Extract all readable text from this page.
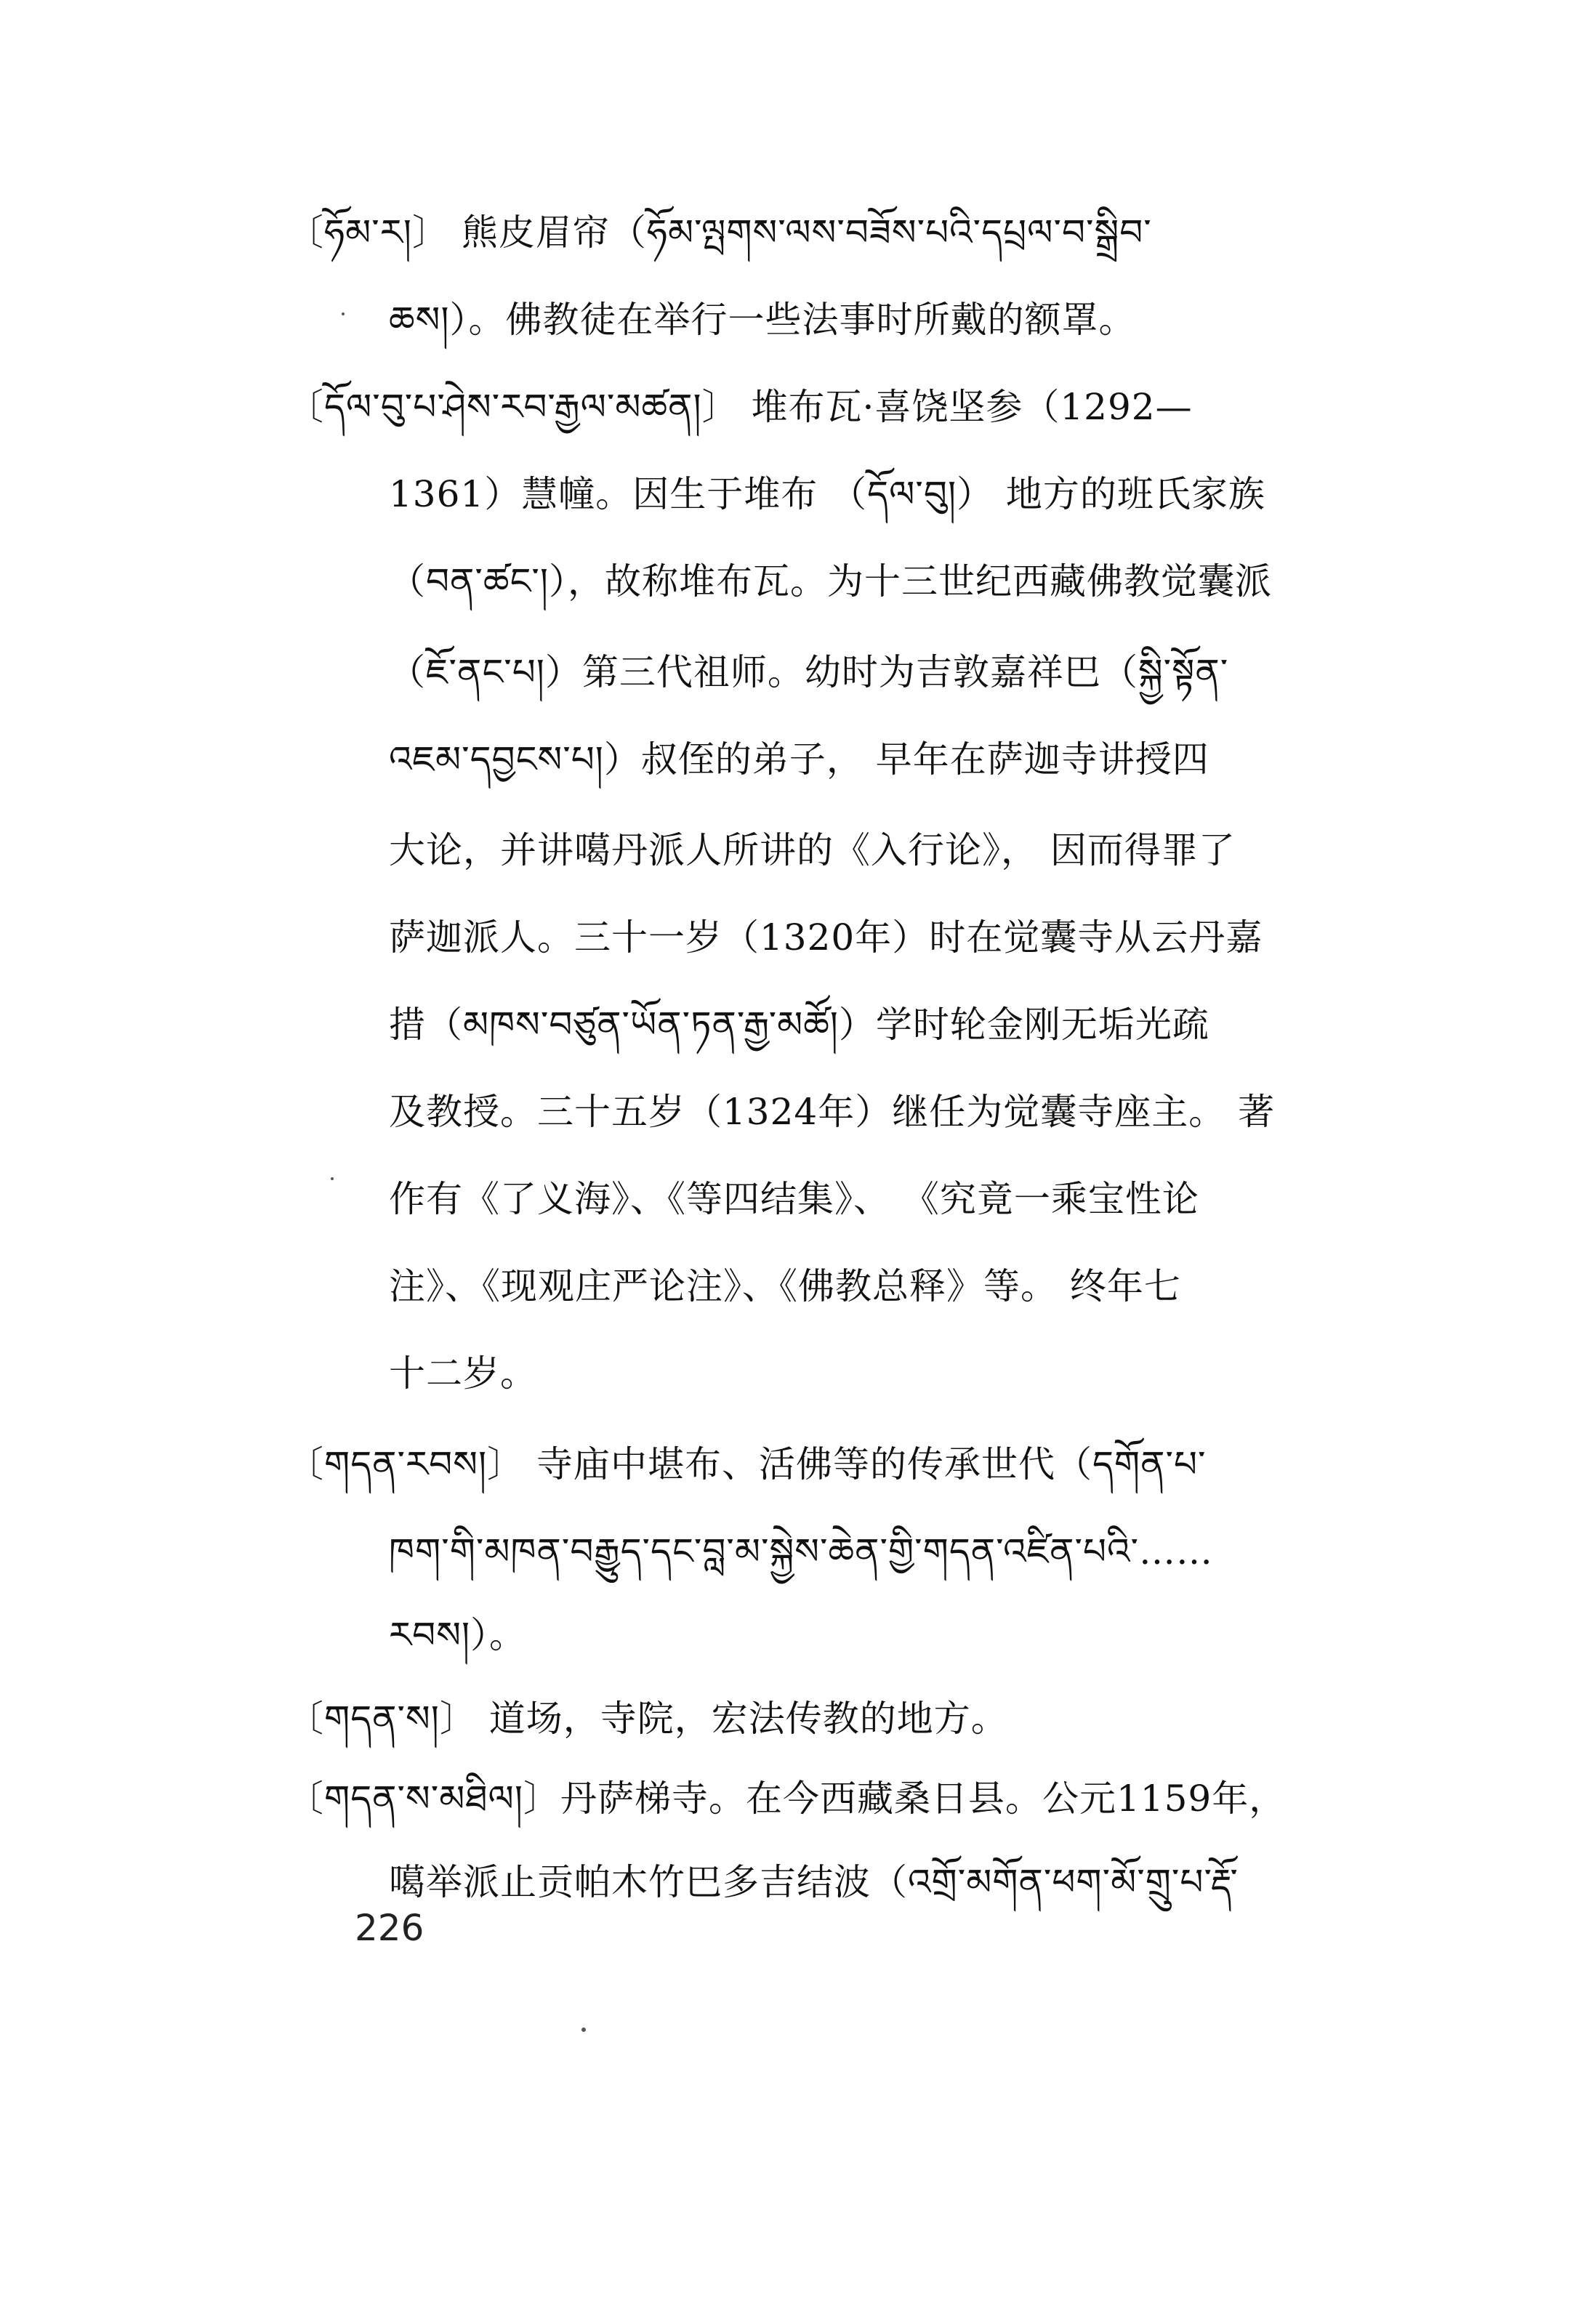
〔ཧོམ་ར།〕 熊皮眉帘（ཧོམ་ལྤགས་ལས་བཟོས་པའི་དཔྲལ་བ་སྒྲིབ་
ཆས།）。佛教徒在举行一些法事时所戴的额罩。
〔དོལ་བུ་པ་ཤེས་རབ་རྒྱལ་མཚན།〕 堆布瓦·喜饶坚参（1292—
1361）慧幢。因生于堆布 （དོལ་བུ།） 地方的班氏家族
（བན་ཚང་།），故称堆布瓦。为十三世纪西藏佛教觉囊派
（ཇོ་ནང་པ།）第三代祖师。幼时为吉敦嘉祥巴（སྐྱི་སྟོན་
འཇམ་དབྱངས་པ།）叔侄的弟子， 早年在萨迦寺讲授四
大论，并讲噶丹派人所讲的《入行论》， 因而得罪了
萨迦派人。三十一岁（1320年）时在觉囊寺从云丹嘉
措（མཁས་བཙུན་ཡོན་ཏན་རྒྱ་མཚོ།）学时轮金刚无垢光疏
及教授。三十五岁（1324年）继任为觉囊寺座主。 著
作有《了义海》、《等四结集》、 《究竟一乘宝性论
注》、《现观庄严论注》、《佛教总释》等。 终年七
十二岁。
〔གདན་རབས།〕 寺庙中堪布、活佛等的传承世代（དགོན་པ་
ཁག་གི་མཁན་བརྒྱུད་དང་བླ་མ་སྐྱེས་ཆེན་གྱི་གདན་འཛིན་པའི་……
རབས།）。
〔གདན་ས།〕 道场，寺院，宏法传教的地方。
〔གདན་ས་མཐིལ།〕丹萨梯寺。在今西藏桑日县。公元1159年，
噶举派止贡帕木竹巴多吉结波（འགྲོ་མགོན་ཕག་མོ་གྲུ་པ་རྡོ་
226
